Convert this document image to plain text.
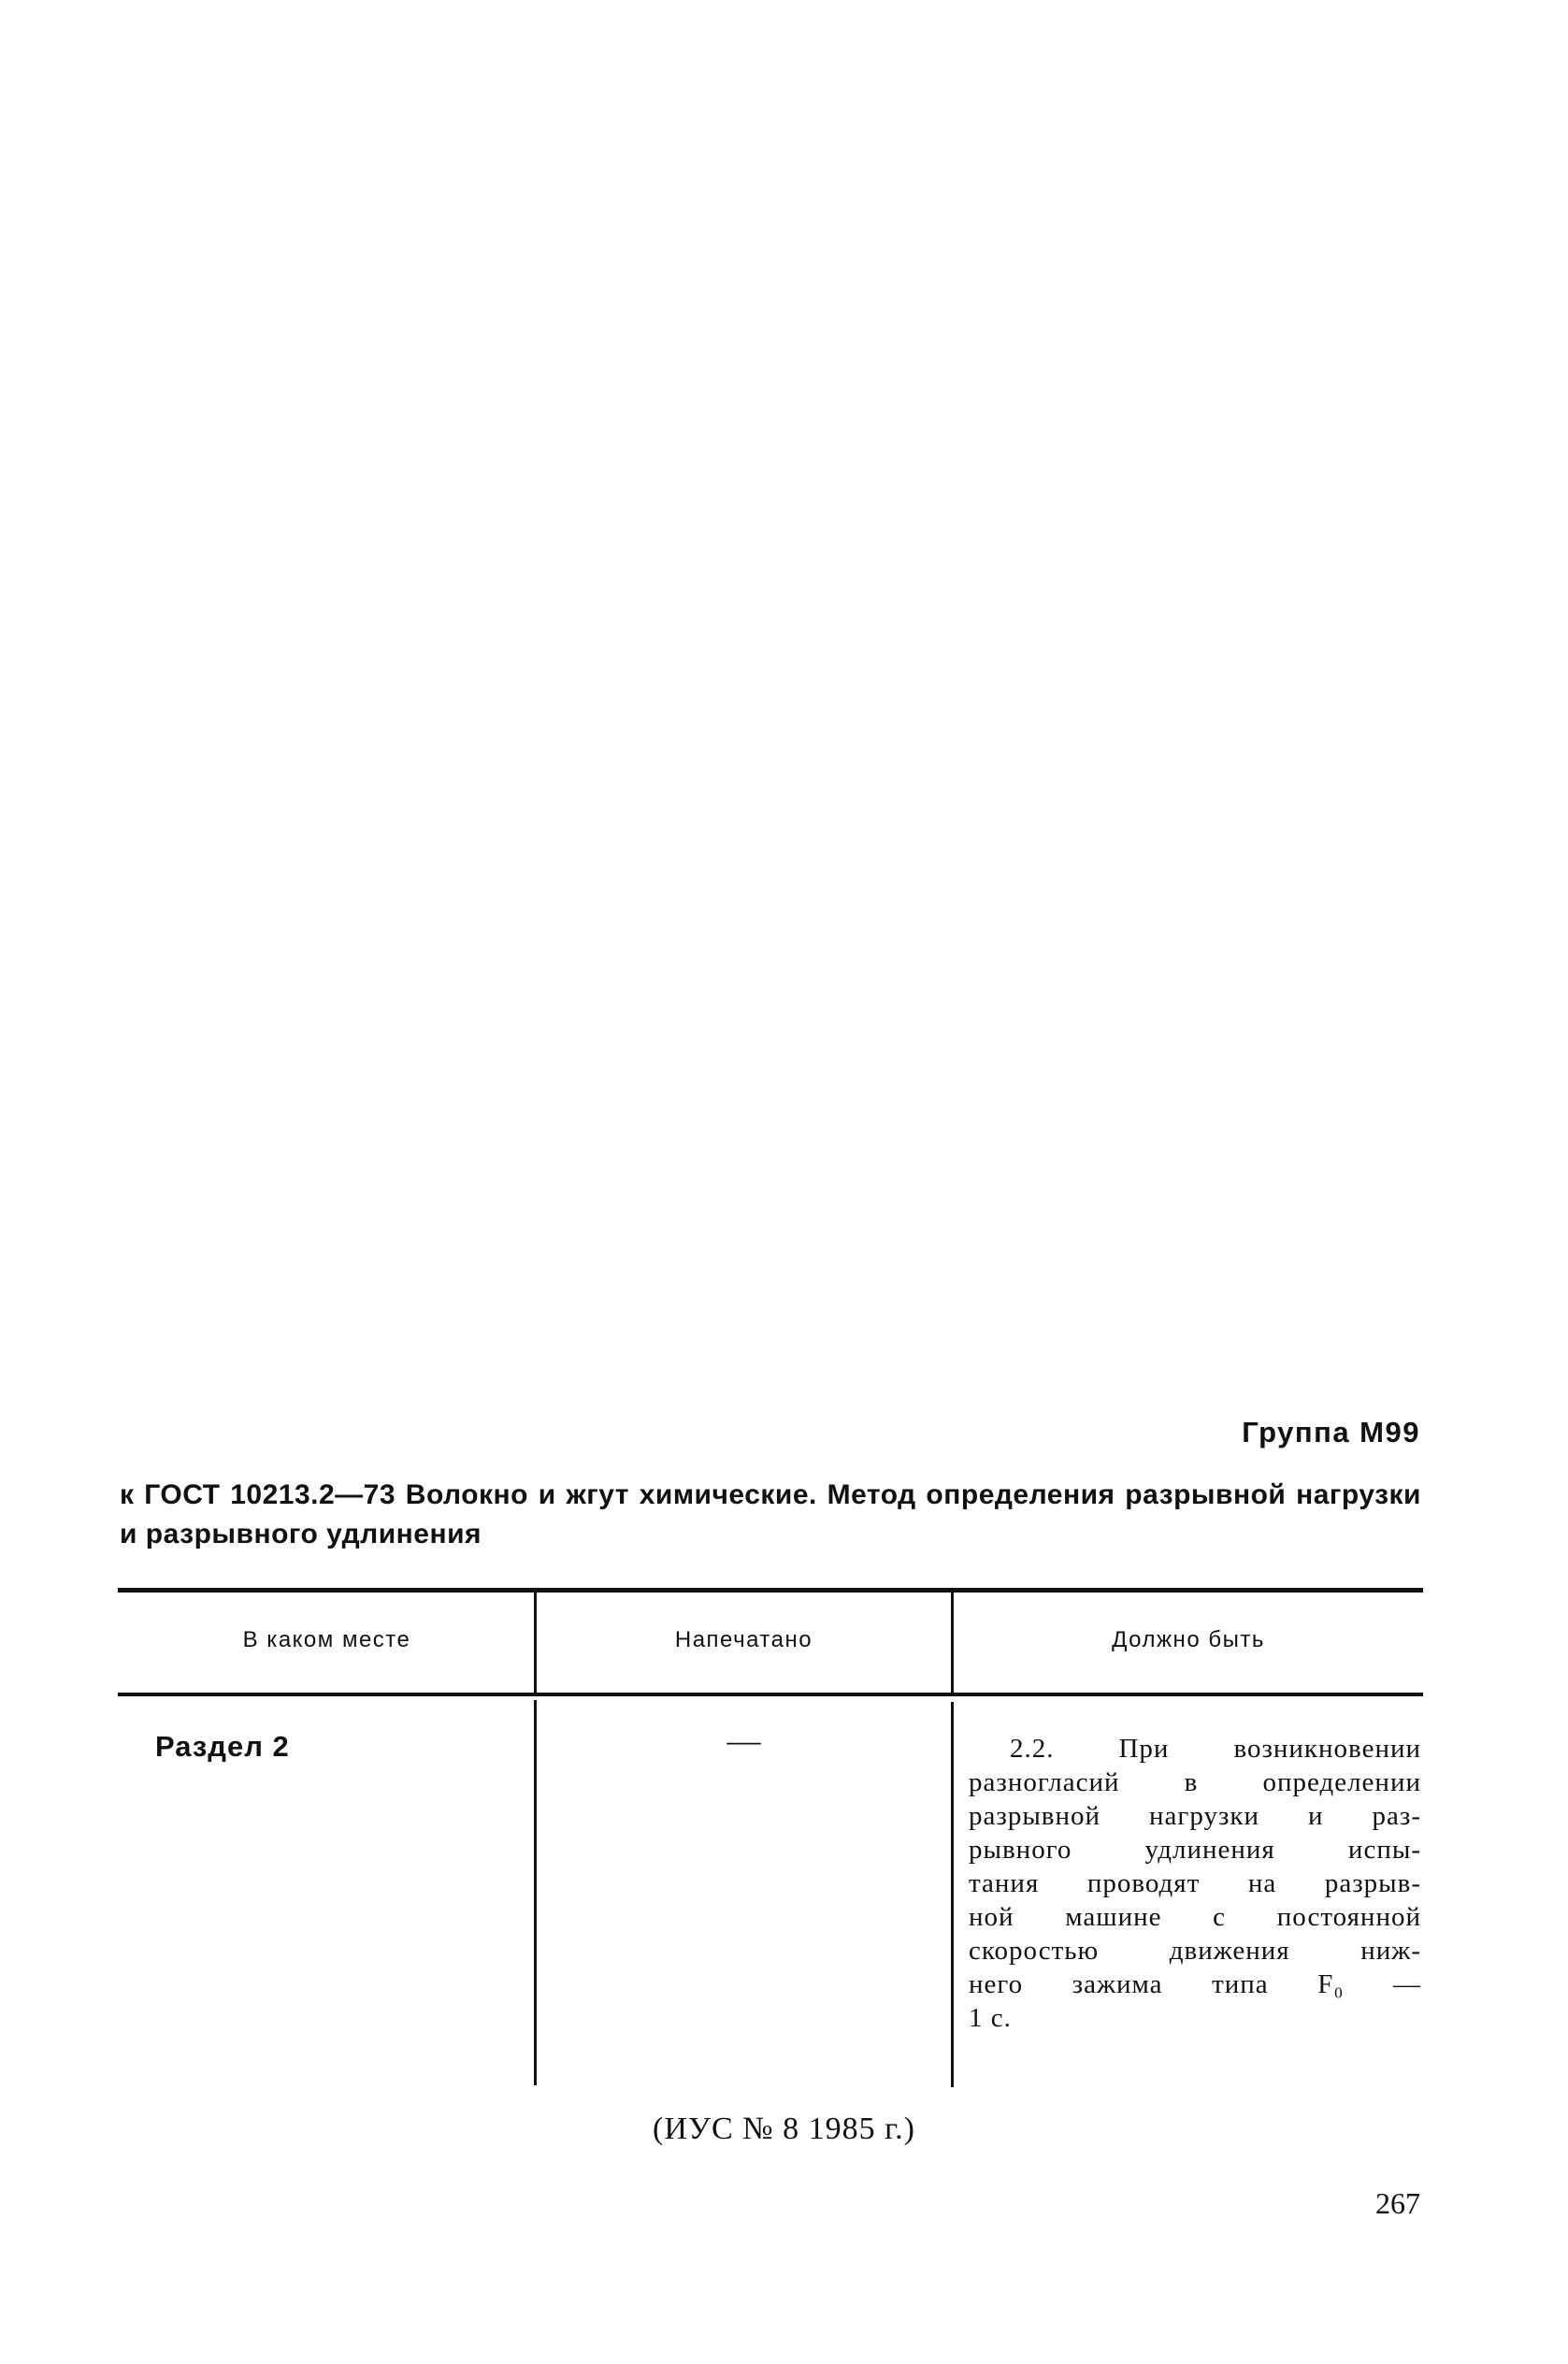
Группа М99
к ГОСТ 10213.2—73 Волокно и жгут химические. Метод определения разрывной нагрузки и разрывного удлинения
В каком месте	Напечатано	Должно быть
Раздел 2	—	2.2. При возникновении
разногласий в определении
разрывной нагрузки и раз-
рывного удлинения испы-
тания проводят на разрыв-
ной машине с постоянной
скоростью движения ниж-
него зажима типа F₀ —
1 с.
(ИУС № 8 1985 г.)
267
